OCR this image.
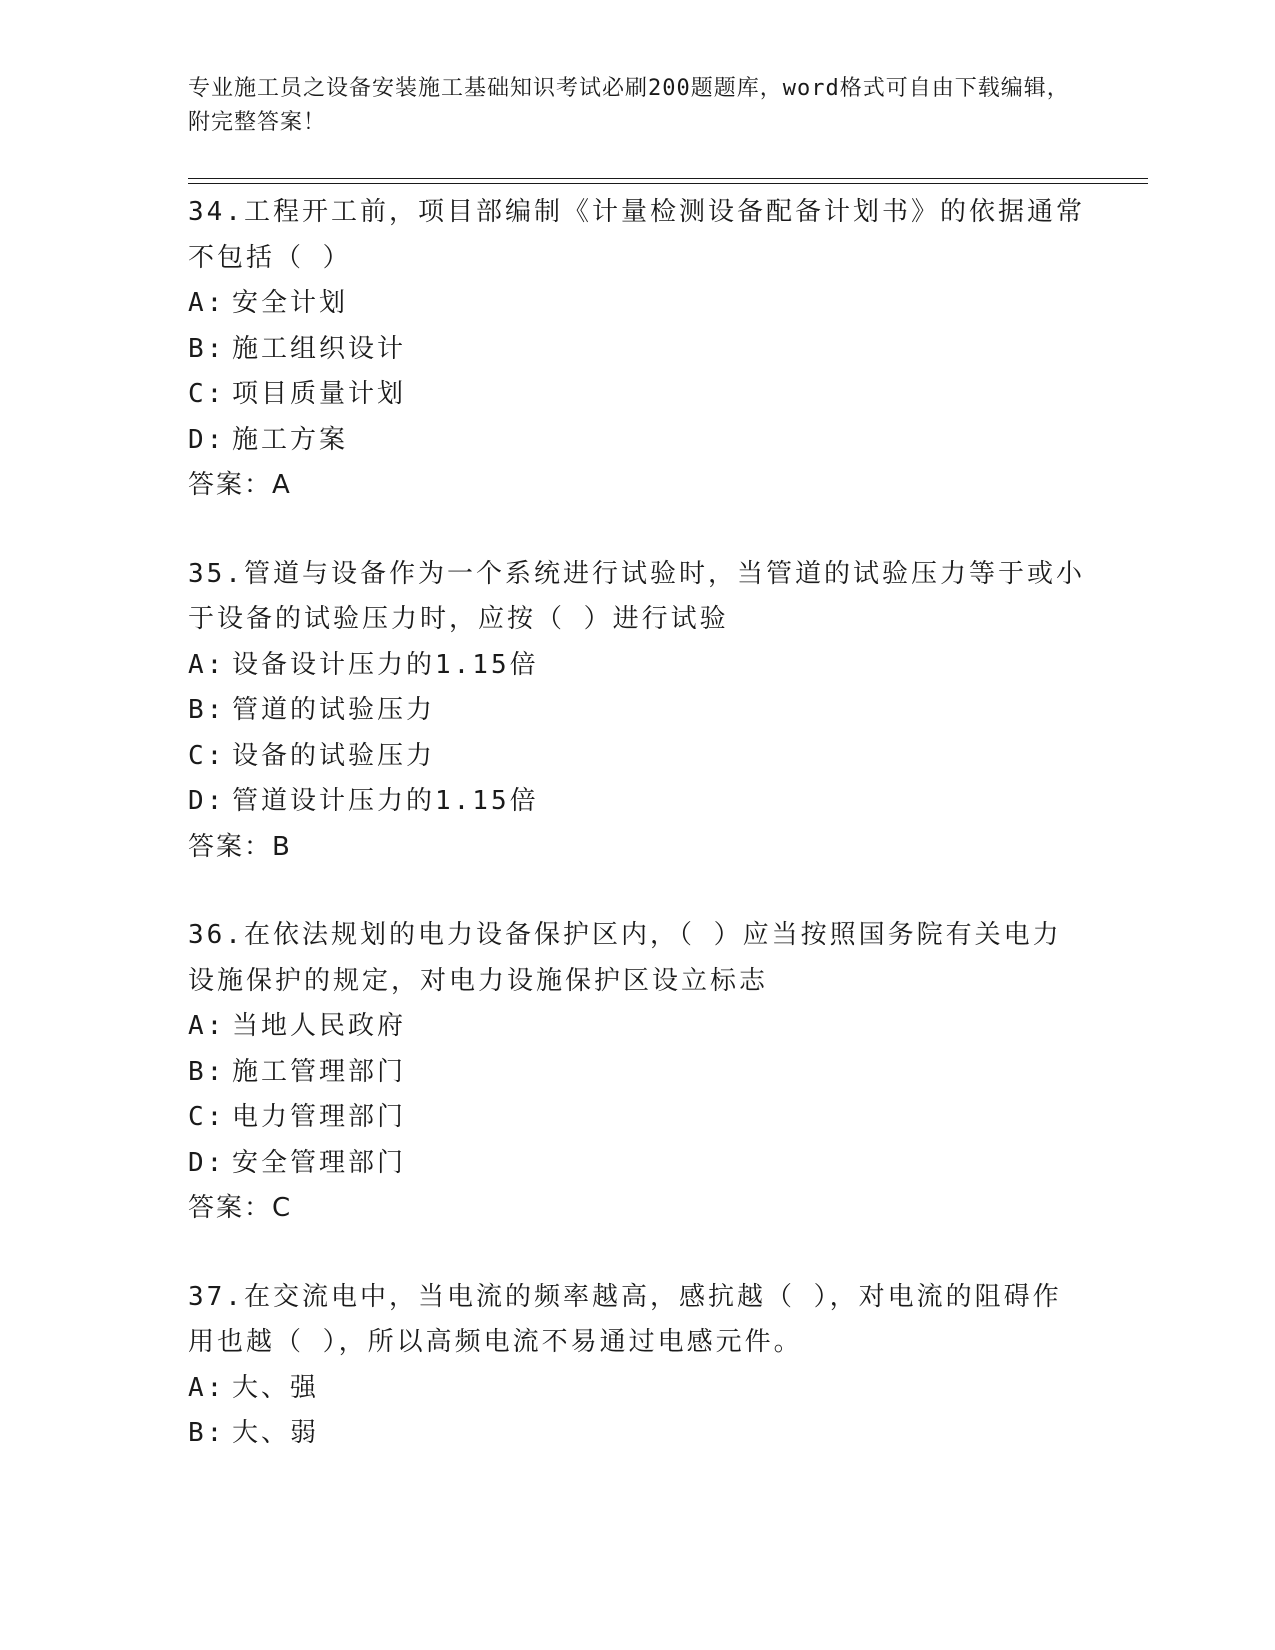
专业施工员之设备安装施工基础知识考试必刷200题题库，word格式可自由下载编辑，附完整答案！
34.工程开工前，项目部编制《计量检测设备配备计划书》的依据通常不包括（ ）
A: 安全计划
B: 施工组织设计
C: 项目质量计划
D: 施工方案
答案：A
35.管道与设备作为一个系统进行试验时，当管道的试验压力等于或小于设备的试验压力时，应按（ ）进行试验
A: 设备设计压力的1.15倍
B: 管道的试验压力
C: 设备的试验压力
D: 管道设计压力的1.15倍
答案：B
36.在依法规划的电力设备保护区内，（ ）应当按照国务院有关电力设施保护的规定，对电力设施保护区设立标志
A: 当地人民政府
B: 施工管理部门
C: 电力管理部门
D: 安全管理部门
答案：C
37.在交流电中，当电流的频率越高，感抗越（ ），对电流的阻碍作用也越（ ），所以高频电流不易通过电感元件。
A: 大、强
B: 大、弱
